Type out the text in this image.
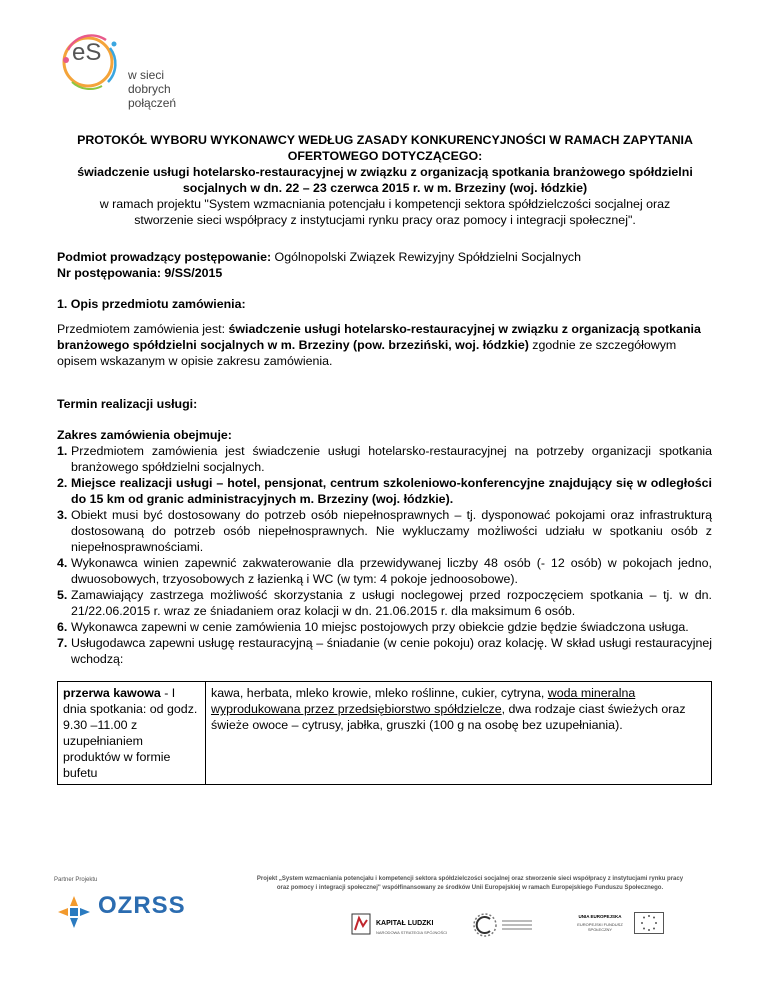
eS
w sieci
dobrych połączeń
PROTOKÓŁ WYBORU WYKONAWCY WEDŁUG ZASADY KONKURENCYJNOŚCI W RAMACH ZAPYTANIA
OFERTOWEGO DOTYCZĄCEGO:
świadczenie usługi hotelarsko-restauracyjnej w związku z organizacją spotkania branżowego spółdzielni
socjalnych w dn. 22 – 23 czerwca 2015 r. w m. Brzeziny (woj. łódzkie)
w ramach projektu "System wzmacniania potencjału i kompetencji sektora spółdzielczości socjalnej oraz
stworzenie sieci współpracy z instytucjami rynku pracy oraz pomocy i integracji społecznej".
Podmiot prowadzący postępowanie: Ogólnopolski Związek Rewizyjny Spółdzielni Socjalnych
Nr postępowania: 9/SS/2015
1. Opis przedmiotu zamówienia:
Przedmiotem zamówienia jest: świadczenie usługi hotelarsko-restauracyjnej w związku z organizacją spotkania branżowego spółdzielni socjalnych w m. Brzeziny (pow. brzeziński, woj. łódzkie) zgodnie ze szczegółowym opisem wskazanym w opisie zakresu zamówienia.
Termin realizacji usługi:
Zakres zamówienia obejmuje:
1. Przedmiotem zamówienia jest świadczenie usługi hotelarsko-restauracyjnej na potrzeby organizacji spotkania branżowego spółdzielni socjalnych.
2. Miejsce realizacji usługi – hotel, pensjonat, centrum szkoleniowo-konferencyjne znajdujący się w odległości do 15 km od granic administracyjnych m. Brzeziny (woj. łódzkie).
3. Obiekt musi być dostosowany do potrzeb osób niepełnosprawnych – tj. dysponować pokojami oraz infrastrukturą dostosowaną do potrzeb osób niepełnosprawnych. Nie wykluczamy możliwości udziału w spotkaniu osób z niepełnosprawnościami.
4. Wykonawca winien zapewnić zakwaterowanie dla przewidywanej liczby 48 osób (- 12 osób) w pokojach jedno, dwuosobowych, trzyosobowych z łazienką i WC (w tym: 4 pokoje jednoosobowe).
5. Zamawiający zastrzega możliwość skorzystania z usługi noclegowej przed rozpoczęciem spotkania – tj. w dn. 21/22.06.2015 r. wraz ze śniadaniem oraz kolacji w dn. 21.06.2015 r. dla maksimum 6 osób.
6. Wykonawca zapewni w cenie zamówienia 10 miejsc postojowych przy obiekcie gdzie będzie świadczona usługa.
7. Usługodawca zapewni usługę restauracyjną – śniadanie (w cenie pokoju) oraz kolację. W skład usługi restauracyjnej wchodzą:
przerwa kawowa - I dnia spotkania: od godz. 9.30 –11.00 z uzupełnianiem produktów w formie bufetu	kawa, herbata, mleko krowie, mleko roślinne, cukier, cytryna, woda mineralna wyprodukowana przez przedsiębiorstwo spółdzielcze, dwa rodzaje ciast świeżych oraz świeże owoce – cytrusy, jabłka, gruszki (100 g na osobę bez uzupełniania).
Partner Projektu
OZRSS
Projekt „System wzmacniania potencjału i kompetencji sektora spółdzielczości socjalnej oraz stworzenie sieci współpracy z instytucjami rynku pracy
oraz pomocy i integracji społecznej" współfinansowany ze środków Unii Europejskiej w ramach Europejskiego Funduszu Społecznego.
KAPITAŁ LUDZKI
NARODOWA STRATEGIA SPÓJNOŚCI
UNIA EUROPEJSKA
EUROPEJSKI FUNDUSZ SPOŁECZNY
